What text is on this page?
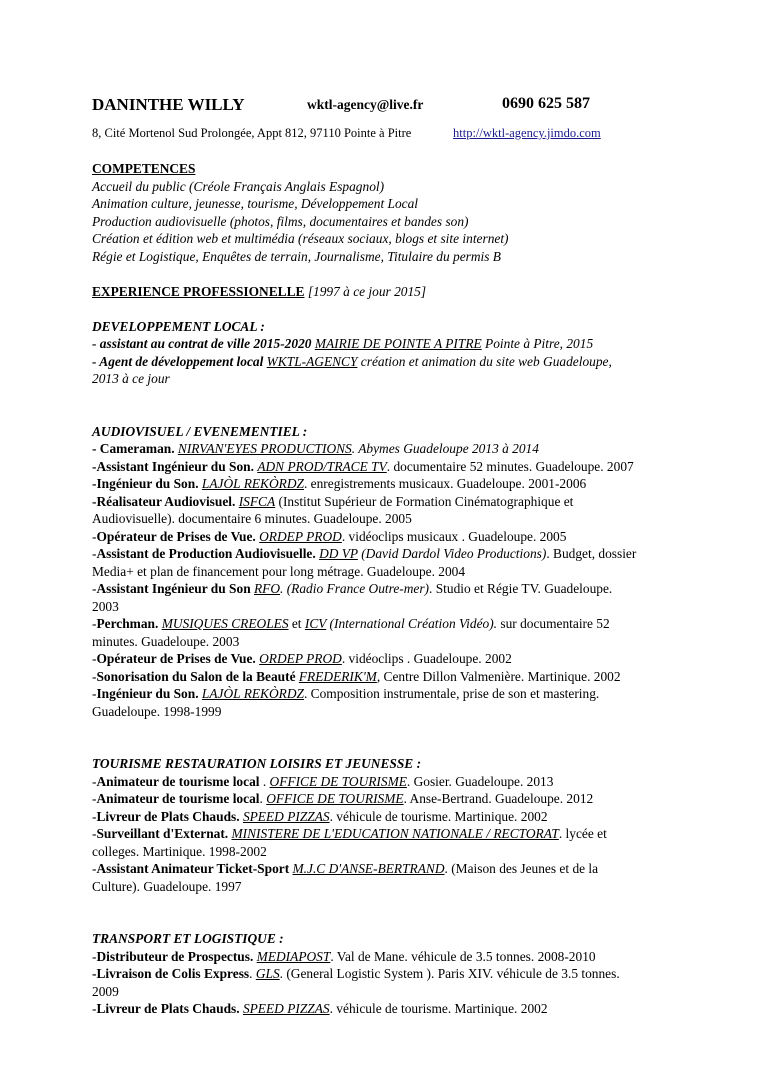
DANINTHE WILLY	wktl-agency@live.fr	0690 625 587
8, Cité Mortenol Sud Prolongée, Appt 812, 97110 Pointe à Pitre	http://wktl-agency.jimdo.com
COMPETENCES
Accueil du public (Créole Français Anglais Espagnol)
Animation culture, jeunesse, tourisme, Développement Local
Production audiovisuelle (photos, films, documentaires et bandes son)
Création et édition web et multimédia (réseaux sociaux, blogs et site internet)
Régie et Logistique, Enquêtes de terrain, Journalisme, Titulaire du permis B
EXPERIENCE PROFESSIONELLE [1997 à ce jour 2015]
DEVELOPPEMENT LOCAL :
- assistant au contrat de ville 2015-2020 MAIRIE DE POINTE A PITRE Pointe à Pitre, 2015
- Agent de développement local WKTL-AGENCY création et animation du site web Guadeloupe,
2013 à ce jour
AUDIOVISUEL / EVENEMENTIEL :
- Cameraman. NIRVAN'EYES PRODUCTIONS. Abymes Guadeloupe 2013 à 2014
-Assistant Ingénieur du Son. ADN PROD/TRACE TV. documentaire 52 minutes. Guadeloupe. 2007
-Ingénieur du Son. LAJÒL REKÒRDZ. enregistrements musicaux. Guadeloupe. 2001-2006
-Réalisateur Audiovisuel. ISFCA (Institut Supérieur de Formation Cinématographique et
Audiovisuelle). documentaire 6 minutes. Guadeloupe. 2005
-Opérateur de Prises de Vue. ORDEP PROD. vidéoclips musicaux . Guadeloupe. 2005
-Assistant de Production Audiovisuelle. DD VP (David Dardol Video Productions). Budget, dossier
Media+ et plan de financement pour long métrage. Guadeloupe. 2004
-Assistant Ingénieur du Son RFO. (Radio France Outre-mer). Studio et Régie TV. Guadeloupe.
2003
-Perchman. MUSIQUES CREOLES et ICV (International Création Vidéo). sur documentaire 52
minutes. Guadeloupe. 2003
-Opérateur de Prises de Vue. ORDEP PROD. vidéoclips . Guadeloupe. 2002
-Sonorisation du Salon de la Beauté FREDERIK'M, Centre Dillon Valmenière. Martinique. 2002
-Ingénieur du Son. LAJÒL REKÒRDZ. Composition instrumentale, prise de son et mastering.
Guadeloupe. 1998-1999
TOURISME RESTAURATION LOISIRS ET JEUNESSE :
-Animateur de tourisme local . OFFICE DE TOURISME. Gosier. Guadeloupe. 2013
-Animateur de tourisme local. OFFICE DE TOURISME. Anse-Bertrand. Guadeloupe. 2012
-Livreur de Plats Chauds. SPEED PIZZAS. véhicule de tourisme. Martinique. 2002
-Surveillant d'Externat. MINISTERE DE L'EDUCATION NATIONALE / RECTORAT. lycée et
colleges. Martinique. 1998-2002
-Assistant Animateur Ticket-Sport M.J.C D'ANSE-BERTRAND. (Maison des Jeunes et de la
Culture). Guadeloupe. 1997
TRANSPORT ET LOGISTIQUE :
-Distributeur de Prospectus. MEDIAPOST. Val de Mane. véhicule de 3.5 tonnes. 2008-2010
-Livraison de Colis Express. GLS. (General Logistic System ). Paris XIV. véhicule de 3.5 tonnes.
2009
-Livreur de Plats Chauds. SPEED PIZZAS. véhicule de tourisme. Martinique. 2002
